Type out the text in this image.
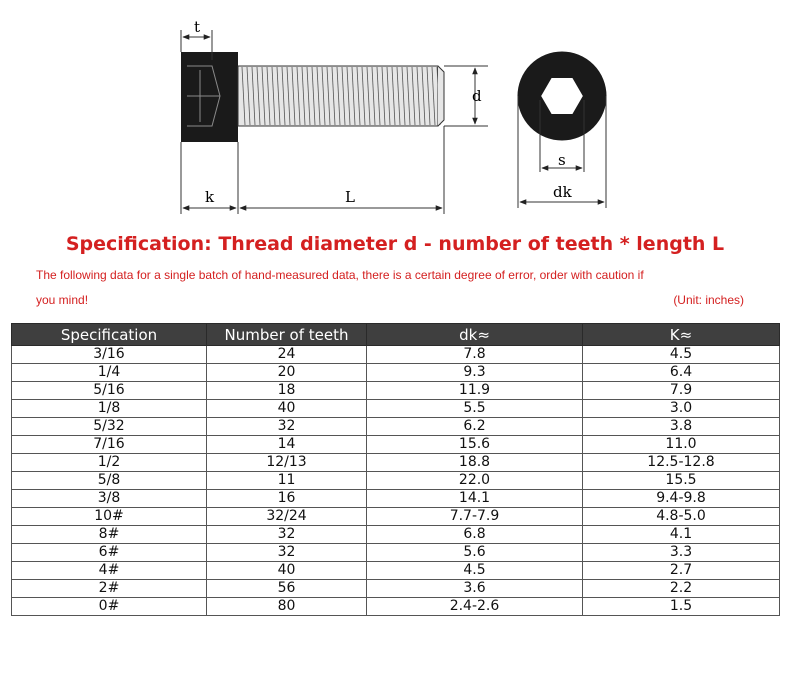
t
d
k	L
s
dk
Specification: Thread diameter d - number of teeth * length L
The following data for a single batch of hand-measured data, there is a certain degree of error, order with caution if
you mind!	(Unit: inches)
Specification	Number of teeth	dk≈	K≈
3/16	24	7.8	4.5
1/4	20	9.3	6.4
5/16	18	11.9	7.9
1/8	40	5.5	3.0
5/32	32	6.2	3.8
7/16	14	15.6	11.0
1/2	12/13	18.8	12.5-12.8
5/8	11	22.0	15.5
3/8	16	14.1	9.4-9.8
10#	32/24	7.7-7.9	4.8-5.0
8#	32	6.8	4.1
6#	32	5.6	3.3
4#	40	4.5	2.7
2#	56	3.6	2.2
0#	80	2.4-2.6	1.5
